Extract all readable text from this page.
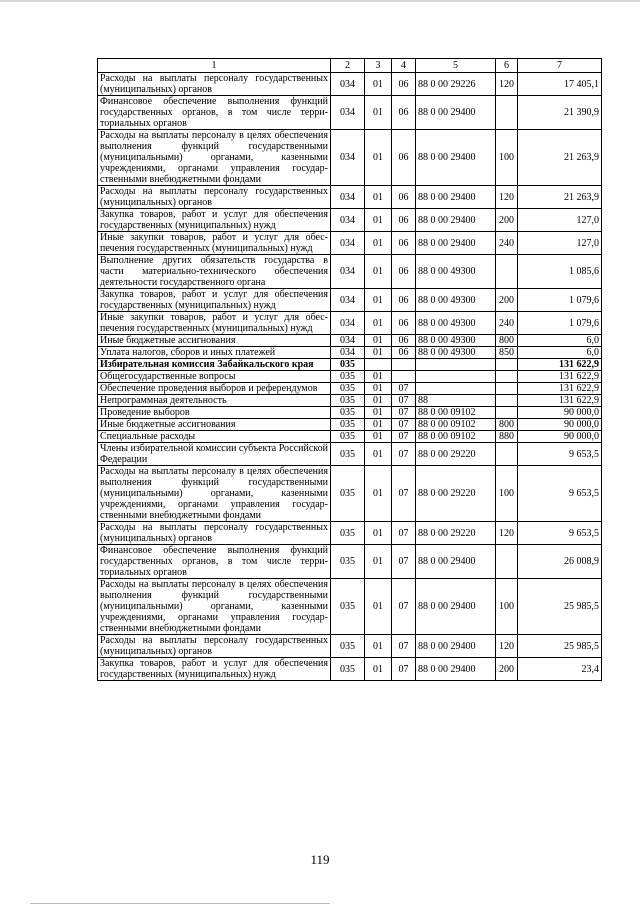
1	2	3	4	5	6	7
Расходы на выплаты персоналу государственных (муниципальных) органов	034	01	06	88 0 00 29226	120	17 405,1
Финансовое обеспечение выполнения функций государственных органов, в том числе территориальных органов	034	01	06	88 0 00 29400		21 390,9
Расходы на выплаты персоналу в целях обеспечения выполнения функций государственными (муниципальными) органами, казенными учреждениями, органами управления государственными внебюджетными фондами	034	01	06	88 0 00 29400	100	21 263,9
Расходы на выплаты персоналу государственных (муниципальных) органов	034	01	06	88 0 00 29400	120	21 263,9
Закупка товаров, работ и услуг для обеспечения государственных (муниципальных) нужд	034	01	06	88 0 00 29400	200	127,0
Иные закупки товаров, работ и услуг для обеспечения государственных (муниципальных) нужд	034	01	06	88 0 00 29400	240	127,0
Выполнение других обязательств государства в части материально-технического обеспечения деятельности государственного органа	034	01	06	88 0 00 49300		1 085,6
Закупка товаров, работ и услуг для обеспечения государственных (муниципальных) нужд	034	01	06	88 0 00 49300	200	1 079,6
Иные закупки товаров, работ и услуг для обеспечения государственных (муниципальных) нужд	034	01	06	88 0 00 49300	240	1 079,6
Иные бюджетные ассигнования	034	01	06	88 0 00 49300	800	6,0
Уплата налогов, сборов и иных платежей	034	01	06	88 0 00 49300	850	6,0
Избирательная комиссия Забайкальского края	035					131 622,9
Общегосударственные вопросы	035	01				131 622,9
Обеспечение проведения выборов и референдумов	035	01	07			131 622,9
Непрограммная деятельность	035	01	07	88		131 622,9
Проведение выборов	035	01	07	88 0 00 09102		90 000,0
Иные бюджетные ассигнования	035	01	07	88 0 00 09102	800	90 000,0
Специальные расходы	035	01	07	88 0 00 09102	880	90 000,0
Члены избирательной комиссии субъекта Российской Федерации	035	01	07	88 0 00 29220		9 653,5
Расходы на выплаты персоналу в целях обеспечения выполнения функций государственными (муниципальными) органами, казенными учреждениями, органами управления государственными внебюджетными фондами	035	01	07	88 0 00 29220	100	9 653,5
Расходы на выплаты персоналу государственных (муниципальных) органов	035	01	07	88 0 00 29220	120	9 653,5
Финансовое обеспечение выполнения функций государственных органов, в том числе территориальных органов	035	01	07	88 0 00 29400		26 008,9
Расходы на выплаты персоналу в целях обеспечения выполнения функций государственными (муниципальными) органами, казенными учреждениями, органами управления государственными внебюджетными фондами	035	01	07	88 0 00 29400	100	25 985,5
Расходы на выплаты персоналу государственных (муниципальных) органов	035	01	07	88 0 00 29400	120	25 985,5
Закупка товаров, работ и услуг для обеспечения государственных (муниципальных) нужд	035	01	07	88 0 00 29400	200	23,4
119
